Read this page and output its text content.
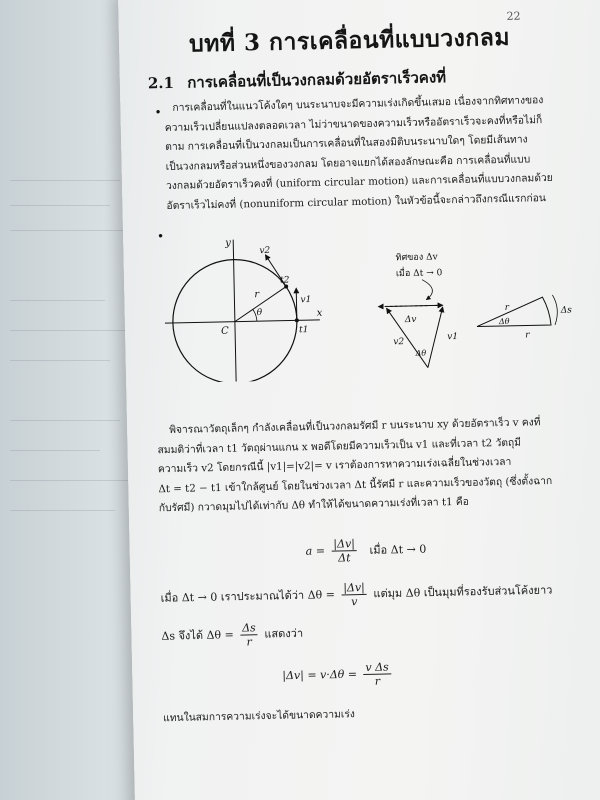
22
บทที่ 3 การเคลื่อนที่แบบวงกลม
2.1 การเคลื่อนที่เป็นวงกลมด้วยอัตราเร็วคงที่
• การเคลื่อนที่ในแนวโค้งใดๆ บนระนาบจะมีความเร่งเกิดขึ้นเสมอ เนื่องจากทิศทางของ
ความเร็วเปลี่ยนแปลงตลอดเวลา ไม่ว่าขนาดของความเร็วหรืออัตราเร็วจะคงที่หรือไม่ก็
ตาม การเคลื่อนที่เป็นวงกลมเป็นการเคลื่อนที่ในสองมิติบนระนาบใดๆ โดยมีเส้นทาง
เป็นวงกลมหรือส่วนหนึ่งของวงกลม โดยอาจแยกได้สองลักษณะคือ การเคลื่อนที่แบบ
วงกลมด้วยอัตราเร็วคงที่ (uniform circular motion) และการเคลื่อนที่แบบวงกลมด้วย
อัตราเร็วไม่คงที่ (nonuniform circular motion) ในหัวข้อนี้จะกล่าวถึงกรณีแรกก่อน
•
y
x
C
r
θ
t2
t1
v2
v1
ทิศของ Δv
เมื่อ Δt → 0
Δv
v2
v1
Δθ
r
r
Δθ
Δs
พิจารณาวัตถุเล็กๆ กำลังเคลื่อนที่เป็นวงกลมรัศมี r บนระนาบ xy ด้วยอัตราเร็ว v คงที่
สมมติว่าที่เวลา t1 วัตถุผ่านแกน x พอดีโดยมีความเร็วเป็น v1 และที่เวลา t2 วัตถุมี
ความเร็ว v2 โดยกรณีนี้ |v1|=|v2|= v เราต้องการหาความเร่งเฉลี่ยในช่วงเวลา
Δt = t2 − t1 เข้าใกล้ศูนย์ โดยในช่วงเวลา Δt นี้รัศมี r และความเร็วของวัตถุ (ซึ่งตั้งฉาก
กับรัศมี) กวาดมุมไปได้เท่ากับ Δθ ทำให้ได้ขนาดความเร่งที่เวลา t1 คือ
$a = \frac{|\Delta v|}{\Delta t}$ เมื่อ Δt → 0
เมื่อ Δt → 0 เราประมาณได้ว่า $\Delta\theta = \frac{|\Delta v|}{v}$ แต่มุม Δθ เป็นมุมที่รองรับส่วนโค้งยาว
Δs จึงได้ $\Delta\theta = \frac{\Delta s}{r}$ แสดงว่า
$|\Delta v| = v\cdot\Delta\theta = \frac{\text{v Δs}}{r}$
แทนในสมการความเร่งจะได้ขนาดความเร่ง
